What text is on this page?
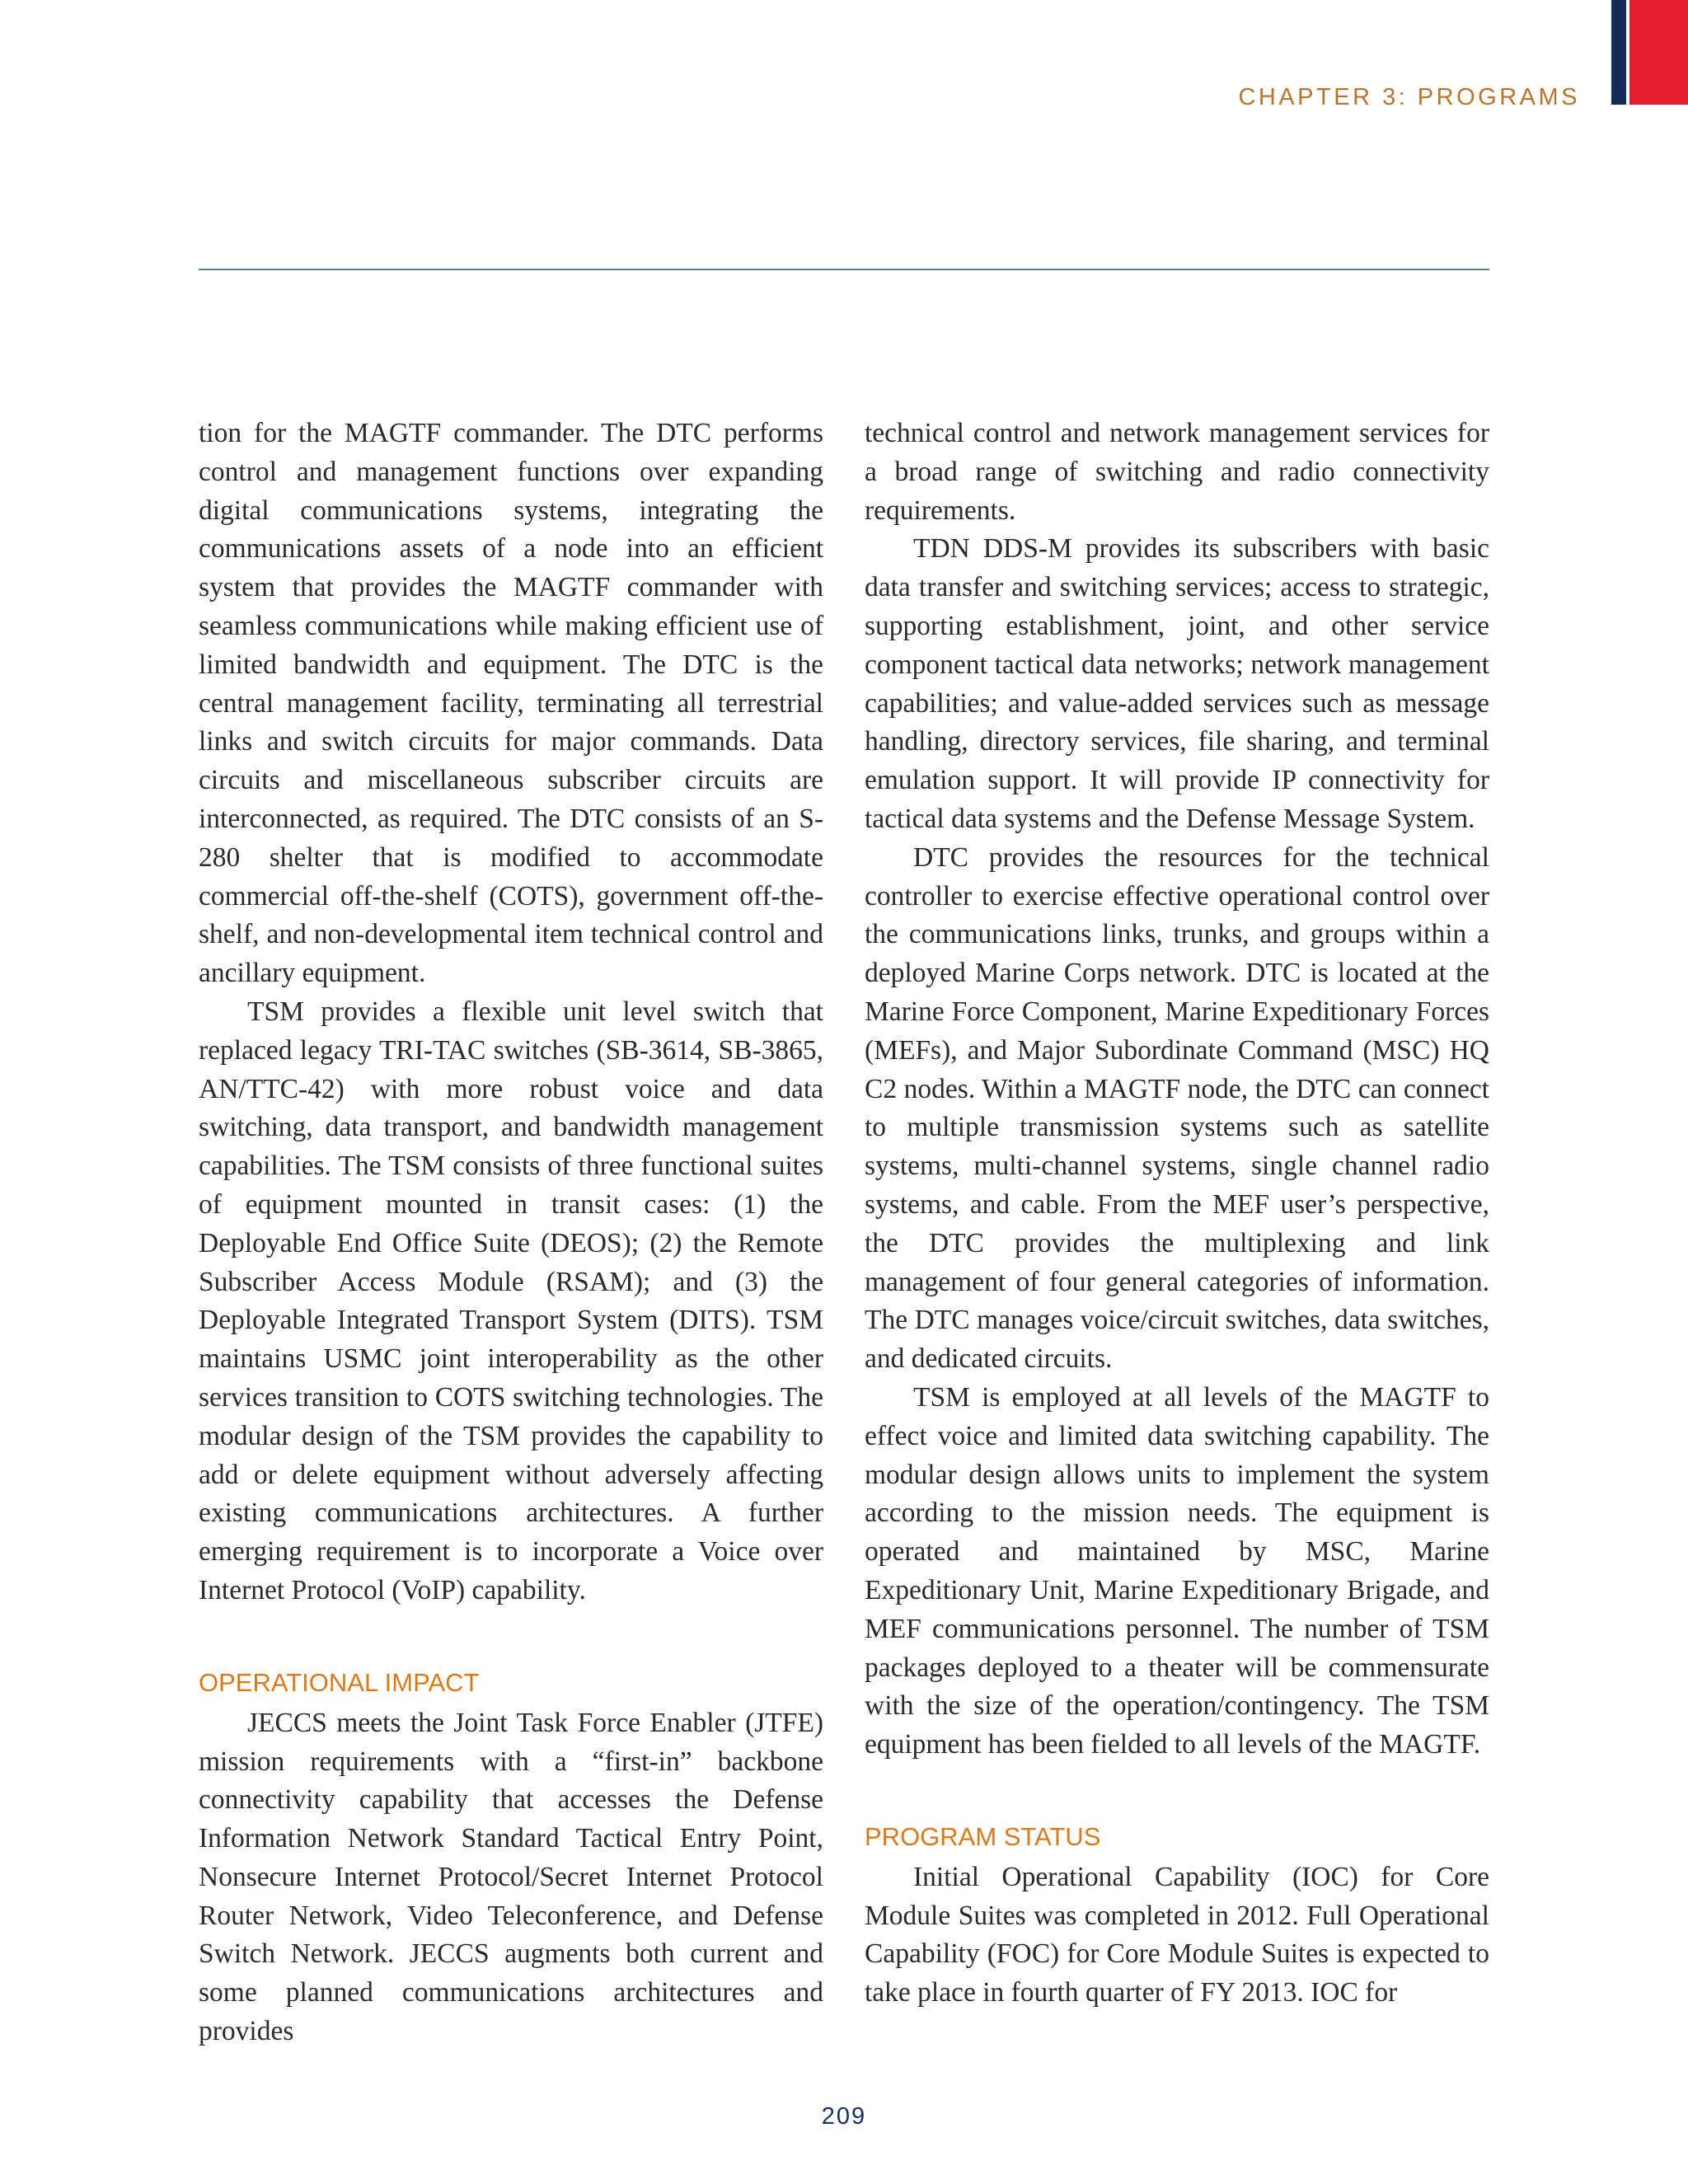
CHAPTER 3: PROGRAMS

tion for the MAGTF commander. The DTC performs control and management functions over expanding digital communications systems, integrating the communications assets of a node into an efficient system that provides the MAGTF commander with seamless communications while making efficient use of limited bandwidth and equipment. The DTC is the central management facility, terminating all terrestrial links and switch circuits for major commands. Data circuits and miscellaneous subscriber circuits are interconnected, as required. The DTC consists of an S-280 shelter that is modified to accommodate commercial off-the-shelf (COTS), government off-the-shelf, and non-developmental item technical control and ancillary equipment.

TSM provides a flexible unit level switch that replaced legacy TRI-TAC switches (SB-3614, SB-3865, AN/TTC-42) with more robust voice and data switching, data transport, and bandwidth management capabilities. The TSM consists of three functional suites of equipment mounted in transit cases: (1) the Deployable End Office Suite (DEOS); (2) the Remote Subscriber Access Module (RSAM); and (3) the Deployable Integrated Transport System (DITS). TSM maintains USMC joint interoperability as the other services transition to COTS switching technologies. The modular design of the TSM provides the capability to add or delete equipment without adversely affecting existing communications architectures. A further emerging requirement is to incorporate a Voice over Internet Protocol (VoIP) capability.

OPERATIONAL IMPACT

JECCS meets the Joint Task Force Enabler (JTFE) mission requirements with a “first-in” backbone connectivity capability that accesses the Defense Information Network Standard Tactical Entry Point, Nonsecure Internet Protocol/Secret Internet Protocol Router Network, Video Teleconference, and Defense Switch Network. JECCS augments both current and some planned communications architectures and provides

technical control and network management services for a broad range of switching and radio connectivity requirements.

TDN DDS-M provides its subscribers with basic data transfer and switching services; access to strategic, supporting establishment, joint, and other service component tactical data networks; network management capabilities; and value-added services such as message handling, directory services, file sharing, and terminal emulation support. It will provide IP connectivity for tactical data systems and the Defense Message System.

DTC provides the resources for the technical controller to exercise effective operational control over the communications links, trunks, and groups within a deployed Marine Corps network. DTC is located at the Marine Force Component, Marine Expeditionary Forces (MEFs), and Major Subordinate Command (MSC) HQ C2 nodes. Within a MAGTF node, the DTC can connect to multiple transmission systems such as satellite systems, multi-channel systems, single channel radio systems, and cable. From the MEF user’s perspective, the DTC provides the multiplexing and link management of four general categories of information. The DTC manages voice/circuit switches, data switches, and dedicated circuits.

TSM is employed at all levels of the MAGTF to effect voice and limited data switching capability. The modular design allows units to implement the system according to the mission needs. The equipment is operated and maintained by MSC, Marine Expeditionary Unit, Marine Expeditionary Brigade, and MEF communications personnel. The number of TSM packages deployed to a theater will be commensurate with the size of the operation/contingency. The TSM equipment has been fielded to all levels of the MAGTF.

PROGRAM STATUS

Initial Operational Capability (IOC) for Core Module Suites was completed in 2012. Full Operational Capability (FOC) for Core Module Suites is expected to take place in fourth quarter of FY 2013. IOC for

209
